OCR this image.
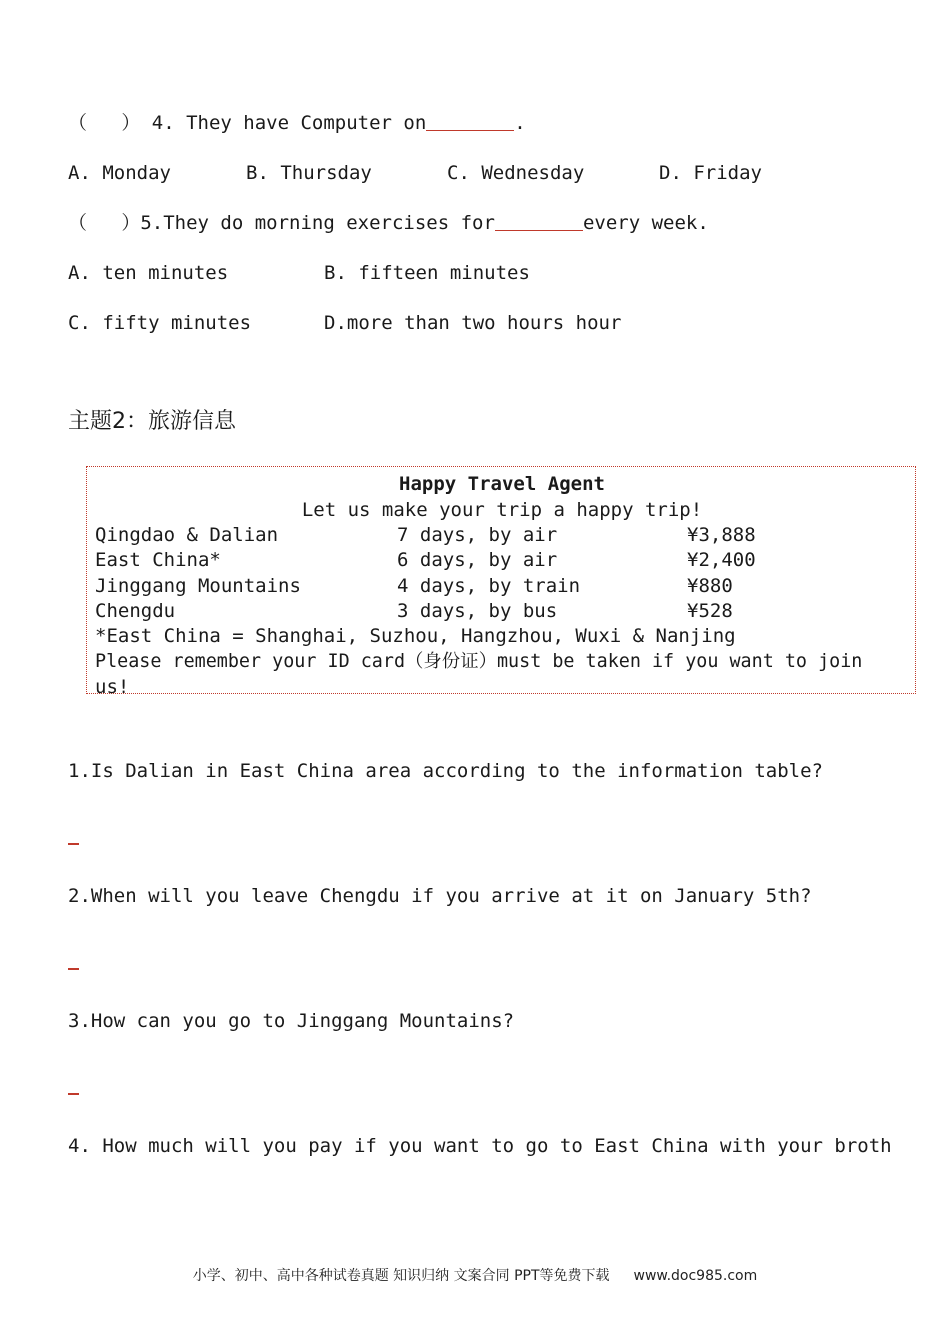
（   ） 4. They have Computer on	.
A. Monday	B. Thursday	C. Wednesday	D. Friday
（   ）5.They do morning exercises for	every week.
A. ten minutes	B. fifteen minutes
C. fifty minutes	D.more than two hours hour
主题2：旅游信息
Happy Travel Agent
Let us make your trip a happy trip!
Qingdao & Dalian	7 days, by air	¥3,888
East China*	6 days, by air	¥2,400
Jinggang Mountains	4 days, by train	¥880
Chengdu	3 days, by bus	¥528
*East China = Shanghai, Suzhou, Hangzhou, Wuxi & Nanjing
Please remember your ID card（身份证）must be taken if you want to join
us!
1.Is Dalian in East China area according to the information table?
2.When will you leave Chengdu if you arrive at it on January 5th?
3.How can you go to Jinggang Mountains?
4. How much will you pay if you want to go to East China with your broth
小学、初中、高中各种试卷真题 知识归纳 文案合同 PPT等免费下载 www.doc985.com
